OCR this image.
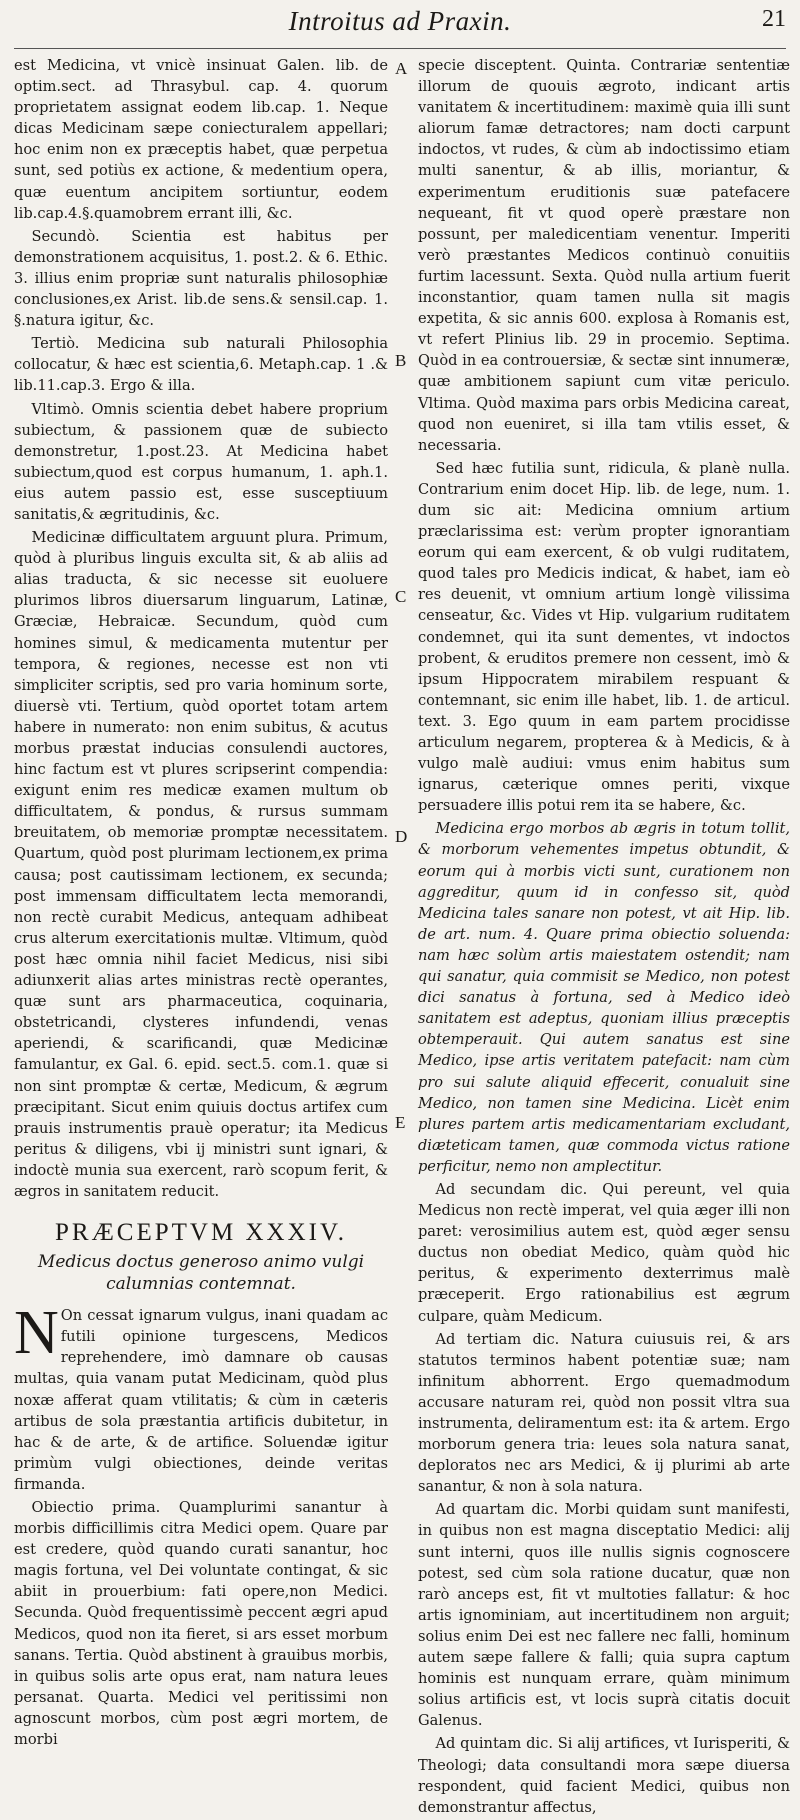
Introitus ad Praxin.	21

est Medicina, vt vnicè insinuat Galen. lib. de optim.sect. ad Thrasybul. cap. 4. quorum proprietatem assignat eodem lib.cap. 1. Neque dicas Medicinam sæpe coniecturalem appellari; hoc enim non ex præceptis habet, quæ perpetua sunt, sed potiùs ex actione, & medentium opera, quæ euentum ancipitem sortiuntur, eodem lib.cap.4.§.quamobrem errant illi, &c.

Secundò. Scientia est habitus per demonstrationem acquisitus, 1. post.2. & 6. Ethic. 3. illius enim propriæ sunt naturalis philosophiæ conclusiones,ex Arist. lib.de sens.& sensil.cap. 1. §.natura igitur, &c.

Tertiò. Medicina sub naturali Philosophia collocatur, & hæc est scientia,6. Metaph.cap. 1 .& lib.11.cap.3. Ergo & illa.

Vltimò. Omnis scientia debet habere proprium subiectum, & passionem quæ de subiecto demonstretur, 1.post.23. At Medicina habet subiectum,quod est corpus humanum, 1. aph.1. eius autem passio est, esse susceptiuum sanitatis,& ægritudinis, &c.

Medicinæ difficultatem arguunt plura. Primum, quòd à pluribus linguis exculta sit, & ab aliis ad alias traducta, & sic necesse sit euoluere plurimos libros diuersarum linguarum, Latinæ, Græciæ, Hebraicæ. Secundum, quòd cum homines simul, & medicamenta mutentur per tempora, & regiones, necesse est non vti simpliciter scriptis, sed pro varia hominum sorte, diuersè vti. Tertium, quòd oportet totam artem habere in numerato: non enim subitus, & acutus morbus præstat inducias consulendi auctores, hinc factum est vt plures scripserint compendia: exigunt enim res medicæ examen multum ob difficultatem, & pondus, & rursus summam breuitatem, ob memoriæ promptæ necessitatem. Quartum, quòd post plurimam lectionem,ex prima causa; post cautissimam lectionem, ex secunda; post immensam difficultatem lecta memorandi, non rectè curabit Medicus, antequam adhibeat crus alterum exercitationis multæ. Vltimum, quòd post hæc omnia nihil faciet Medicus, nisi sibi adiunxerit alias artes ministras rectè operantes, quæ sunt ars pharmaceutica, coquinaria, obstetricandi, clysteres infundendi, venas aperiendi, & scarificandi, quæ Medicinæ famulantur, ex Gal. 6. epid. sect.5. com.1. quæ si non sint promptæ & certæ, Medicum, & ægrum præcipitant. Sicut enim quiuis doctus artifex cum prauis instrumentis prauè operatur; ita Medicus peritus & diligens, vbi ij ministri sunt ignari, & indoctè munia sua exercent, rarò scopum ferit, & ægros in sanitatem reducit.

PRÆCEPTVM XXXIV.
Medicus doctus generoso animo vulgi calumnias contemnat.

N On cessat ignarum vulgus, inani quadam ac futili opinione turgescens, Medicos reprehendere, imò damnare ob causas multas, quia vanam putat Medicinam, quòd plus noxæ afferat quam vtilitatis; & cùm in cæteris artibus de sola præstantia artificis dubitetur, in hac & de arte, & de artifice. Soluendæ igitur primùm vulgi obiectiones, deinde veritas firmanda.

Obiectio prima. Quamplurimi sanantur à morbis difficillimis citra Medici opem. Quare par est credere, quòd quando curati sanantur, hoc magis fortuna, vel Dei voluntate contingat, & sic abiit in prouerbium: fati opere,non Medici. Secunda. Quòd frequentissimè peccent ægri apud Medicos, quod non ita fieret, si ars esset morbum sanans. Tertia. Quòd abstinent à grauibus morbis, in quibus solis arte opus erat, nam natura leues persanat. Quarta. Medici vel peritissimi non agnoscunt morbos, cùm post ægri mortem, de morbi

A
B
C
D
E

specie disceptent. Quinta. Contrariæ sententiæ illorum de quouis ægroto, indicant artis vanitatem & incertitudinem: maximè quia illi sunt aliorum famæ detractores; nam docti carpunt indoctos, vt rudes, & cùm ab indoctissimo etiam multi sanentur, & ab illis, moriantur, & experimentum eruditionis suæ patefacere nequeant, fit vt quod operè præstare non possunt, per maledicentiam venentur. Imperiti verò præstantes Medicos continuò conuitiis furtim lacessunt. Sexta. Quòd nulla artium fuerit inconstantior, quam tamen nulla sit magis expetita, & sic annis 600. explosa à Romanis est, vt refert Plinius lib. 29 in procemio. Septima. Quòd in ea controuersiæ, & sectæ sint innumeræ, quæ ambitionem sapiunt cum vitæ periculo. Vltima. Quòd maxima pars orbis Medicina careat, quod non eueniret, si illa tam vtilis esset, & necessaria.

Sed hæc futilia sunt, ridicula, & planè nulla. Contrarium enim docet Hip. lib. de lege, num. 1. dum sic ait: Medicina omnium artium præclarissima est: verùm propter ignorantiam eorum qui eam exercent, & ob vulgi ruditatem, quod tales pro Medicis indicat, & habet, iam eò res deuenit, vt omnium artium longè vilissima censeatur, &c. Vides vt Hip. vulgarium ruditatem condemnet, qui ita sunt dementes, vt indoctos probent, & eruditos premere non cessent, imò & ipsum Hippocratem mirabilem respuant & contemnant, sic enim ille habet, lib. 1. de articul. text. 3. Ego quum in eam partem procidisse articulum negarem, propterea & à Medicis, & à vulgo malè audiui: vmus enim habitus sum ignarus, cæterique omnes periti, vixque persuadere illis potui rem ita se habere, &c.

Medicina ergo morbos ab ægris in totum tollit, & morborum vehementes impetus obtundit, & eorum qui à morbis victi sunt, curationem non aggreditur, quum id in confesso sit, quòd Medicina tales sanare non potest, vt ait Hip. lib. de art. num. 4. Quare prima obiectio soluenda: nam hæc solùm artis maiestatem ostendit; nam qui sanatur, quia commisit se Medico, non potest dici sanatus à fortuna, sed à Medico ideò sanitatem est adeptus, quoniam illius præceptis obtemperauit. Qui autem sanatus est sine Medico, ipse artis veritatem patefacit: nam cùm pro sui salute aliquid effecerit, conualuit sine Medico, non tamen sine Medicina. Licèt enim plures partem artis medicamentariam excludant, diæteticam tamen, quæ commoda victus ratione perficitur, nemo non amplectitur.

Ad secundam dic. Qui pereunt, vel quia Medicus non rectè imperat, vel quia æger illi non paret: verosimilius autem est, quòd æger sensu ductus non obediat Medico, quàm quòd hic peritus, & experimento dexterrimus malè præceperit. Ergo rationabilius est ægrum culpare, quàm Medicum.

Ad tertiam dic. Natura cuiusuis rei, & ars statutos terminos habent potentiæ suæ; nam infinitum abhorrent. Ergo quemadmodum accusare naturam rei, quòd non possit vltra sua instrumenta, deliramentum est: ita & artem. Ergo morborum genera tria: leues sola natura sanat, deploratos nec ars Medici, & ij plurimi ab arte sanantur, & non à sola natura.

Ad quartam dic. Morbi quidam sunt manifesti, in quibus non est magna disceptatio Medici: alij sunt interni, quos ille nullis signis cognoscere potest, sed cùm sola ratione ducatur, quæ non rarò anceps est, fit vt multoties fallatur: & hoc artis ignominiam, aut incertitudinem non arguit; solius enim Dei est nec fallere nec falli, hominum autem sæpe fallere & falli; quia supra captum hominis est nunquam errare, quàm minimum solius artificis est, vt locis suprà citatis docuit Galenus.

Ad quintam dic. Si alij artifices, vt Iurisperiti, & Theologi; data consultandi mora sæpe diuersa respondent, quid facient Medici, quibus non demonstrantur affectus,
